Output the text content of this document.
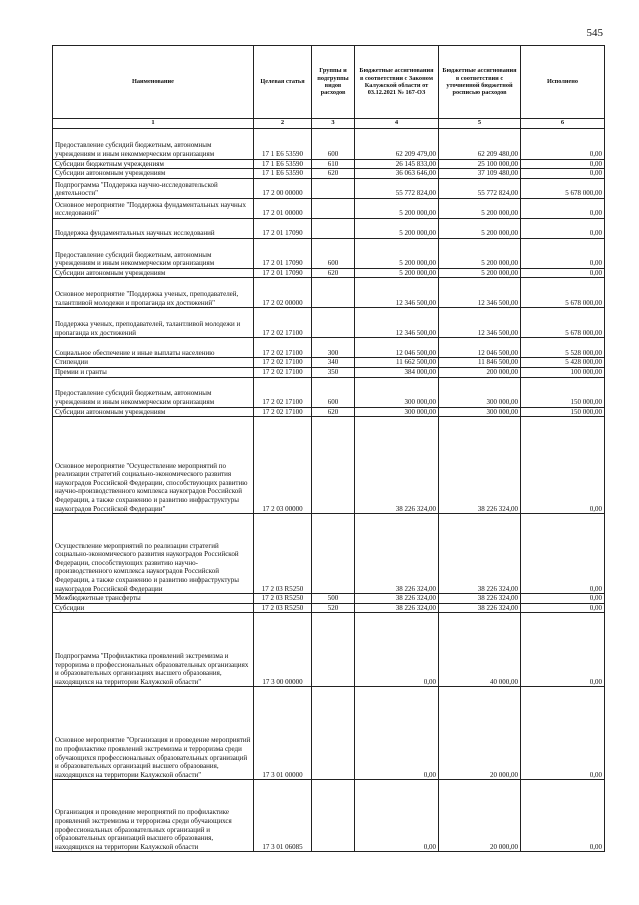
545
Наименование	Целевая статья	Группы и подгруппы видов расходов	Бюджетные ассигнования в соответствии с Законом Калужской области от 03.12.2021 № 167-ОЗ	Бюджетные ассигнования в соответствии с уточненной бюджетной росписью расходов	Исполнено
1	2	3	4	5	6
Предоставление субсидий бюджетным, автономным учреждениям и иным некоммерческим организациям	17 1 Е6 53590	600	62 209 479,00	62 209 480,00	0,00
Субсидии бюджетным учреждениям	17 1 Е6 53590	610	26 145 833,00	25 100 000,00	0,00
Субсидии автономным учреждениям	17 1 Е6 53590	620	36 063 646,00	37 109 480,00	0,00
Подпрограмма "Поддержка научно-исследовательской деятельности"	17 2 00 00000		55 772 824,00	55 772 824,00	5 678 000,00
Основное мероприятие "Поддержка фундаментальных научных исследований"	17 2 01 00000		5 200 000,00	5 200 000,00	0,00
Поддержка фундаментальных научных исследований	17 2 01 17090		5 200 000,00	5 200 000,00	0,00
Предоставление субсидий бюджетным, автономным учреждениям и иным некоммерческим организациям	17 2 01 17090	600	5 200 000,00	5 200 000,00	0,00
Субсидии автономным учреждениям	17 2 01 17090	620	5 200 000,00	5 200 000,00	0,00
Основное мероприятие "Поддержка ученых, преподавателей, талантливой молодежи и пропаганда их достижений"	17 2 02 00000		12 346 500,00	12 346 500,00	5 678 000,00
Поддержка ученых, преподавателей, талантливой молодежи и пропаганда их достижений	17 2 02 17100		12 346 500,00	12 346 500,00	5 678 000,00
Социальное обеспечение и иные выплаты населению	17 2 02 17100	300	12 046 500,00	12 046 500,00	5 528 000,00
Стипендии	17 2 02 17100	340	11 662 500,00	11 846 500,00	5 428 000,00
Премии и гранты	17 2 02 17100	350	384 000,00	200 000,00	100 000,00
Предоставление субсидий бюджетным, автономным учреждениям и иным некоммерческим организациям	17 2 02 17100	600	300 000,00	300 000,00	150 000,00
Субсидии автономным учреждениям	17 2 02 17100	620	300 000,00	300 000,00	150 000,00
Основное мероприятие "Осуществление мероприятий по реализации стратегий социально-экономического развития наукоградов Российской Федерации, способствующих развитию научно-производственного комплекса наукоградов Российской Федерации, а также сохранению и развитию инфраструктуры наукоградов Российской Федерации"	17 2 03 00000		38 226 324,00	38 226 324,00	0,00
Осуществление мероприятий по реализации стратегий социально-экономического развития наукоградов Российской Федерации, способствующих развитию научно-производственного комплекса наукоградов Российской Федерации, а также сохранению и развитию инфраструктуры наукоградов Российской Федерации	17 2 03 R5250		38 226 324,00	38 226 324,00	0,00
Межбюджетные трансферты	17 2 03 R5250	500	38 226 324,00	38 226 324,00	0,00
Субсидии	17 2 03 R5250	520	38 226 324,00	38 226 324,00	0,00
Подпрограмма "Профилактика проявлений экстремизма и терроризма в профессиональных образовательных организациях и образовательных организациях высшего образования, находящихся на территории Калужской области"	17 3 00 00000		0,00	40 000,00	0,00
Основное мероприятие "Организация и проведение мероприятий по профилактике проявлений экстремизма и терроризма среди обучающихся профессиональных образовательных организаций и образовательных организаций высшего образования, находящихся на территории Калужской области"	17 3 01 00000		0,00	20 000,00	0,00
Организация и проведение мероприятий по профилактике проявлений экстремизма и терроризма среди обучающихся профессиональных образовательных организаций и образовательных организаций высшего образования, находящихся на территории Калужской области	17 3 01 06085		0,00	20 000,00	0,00
